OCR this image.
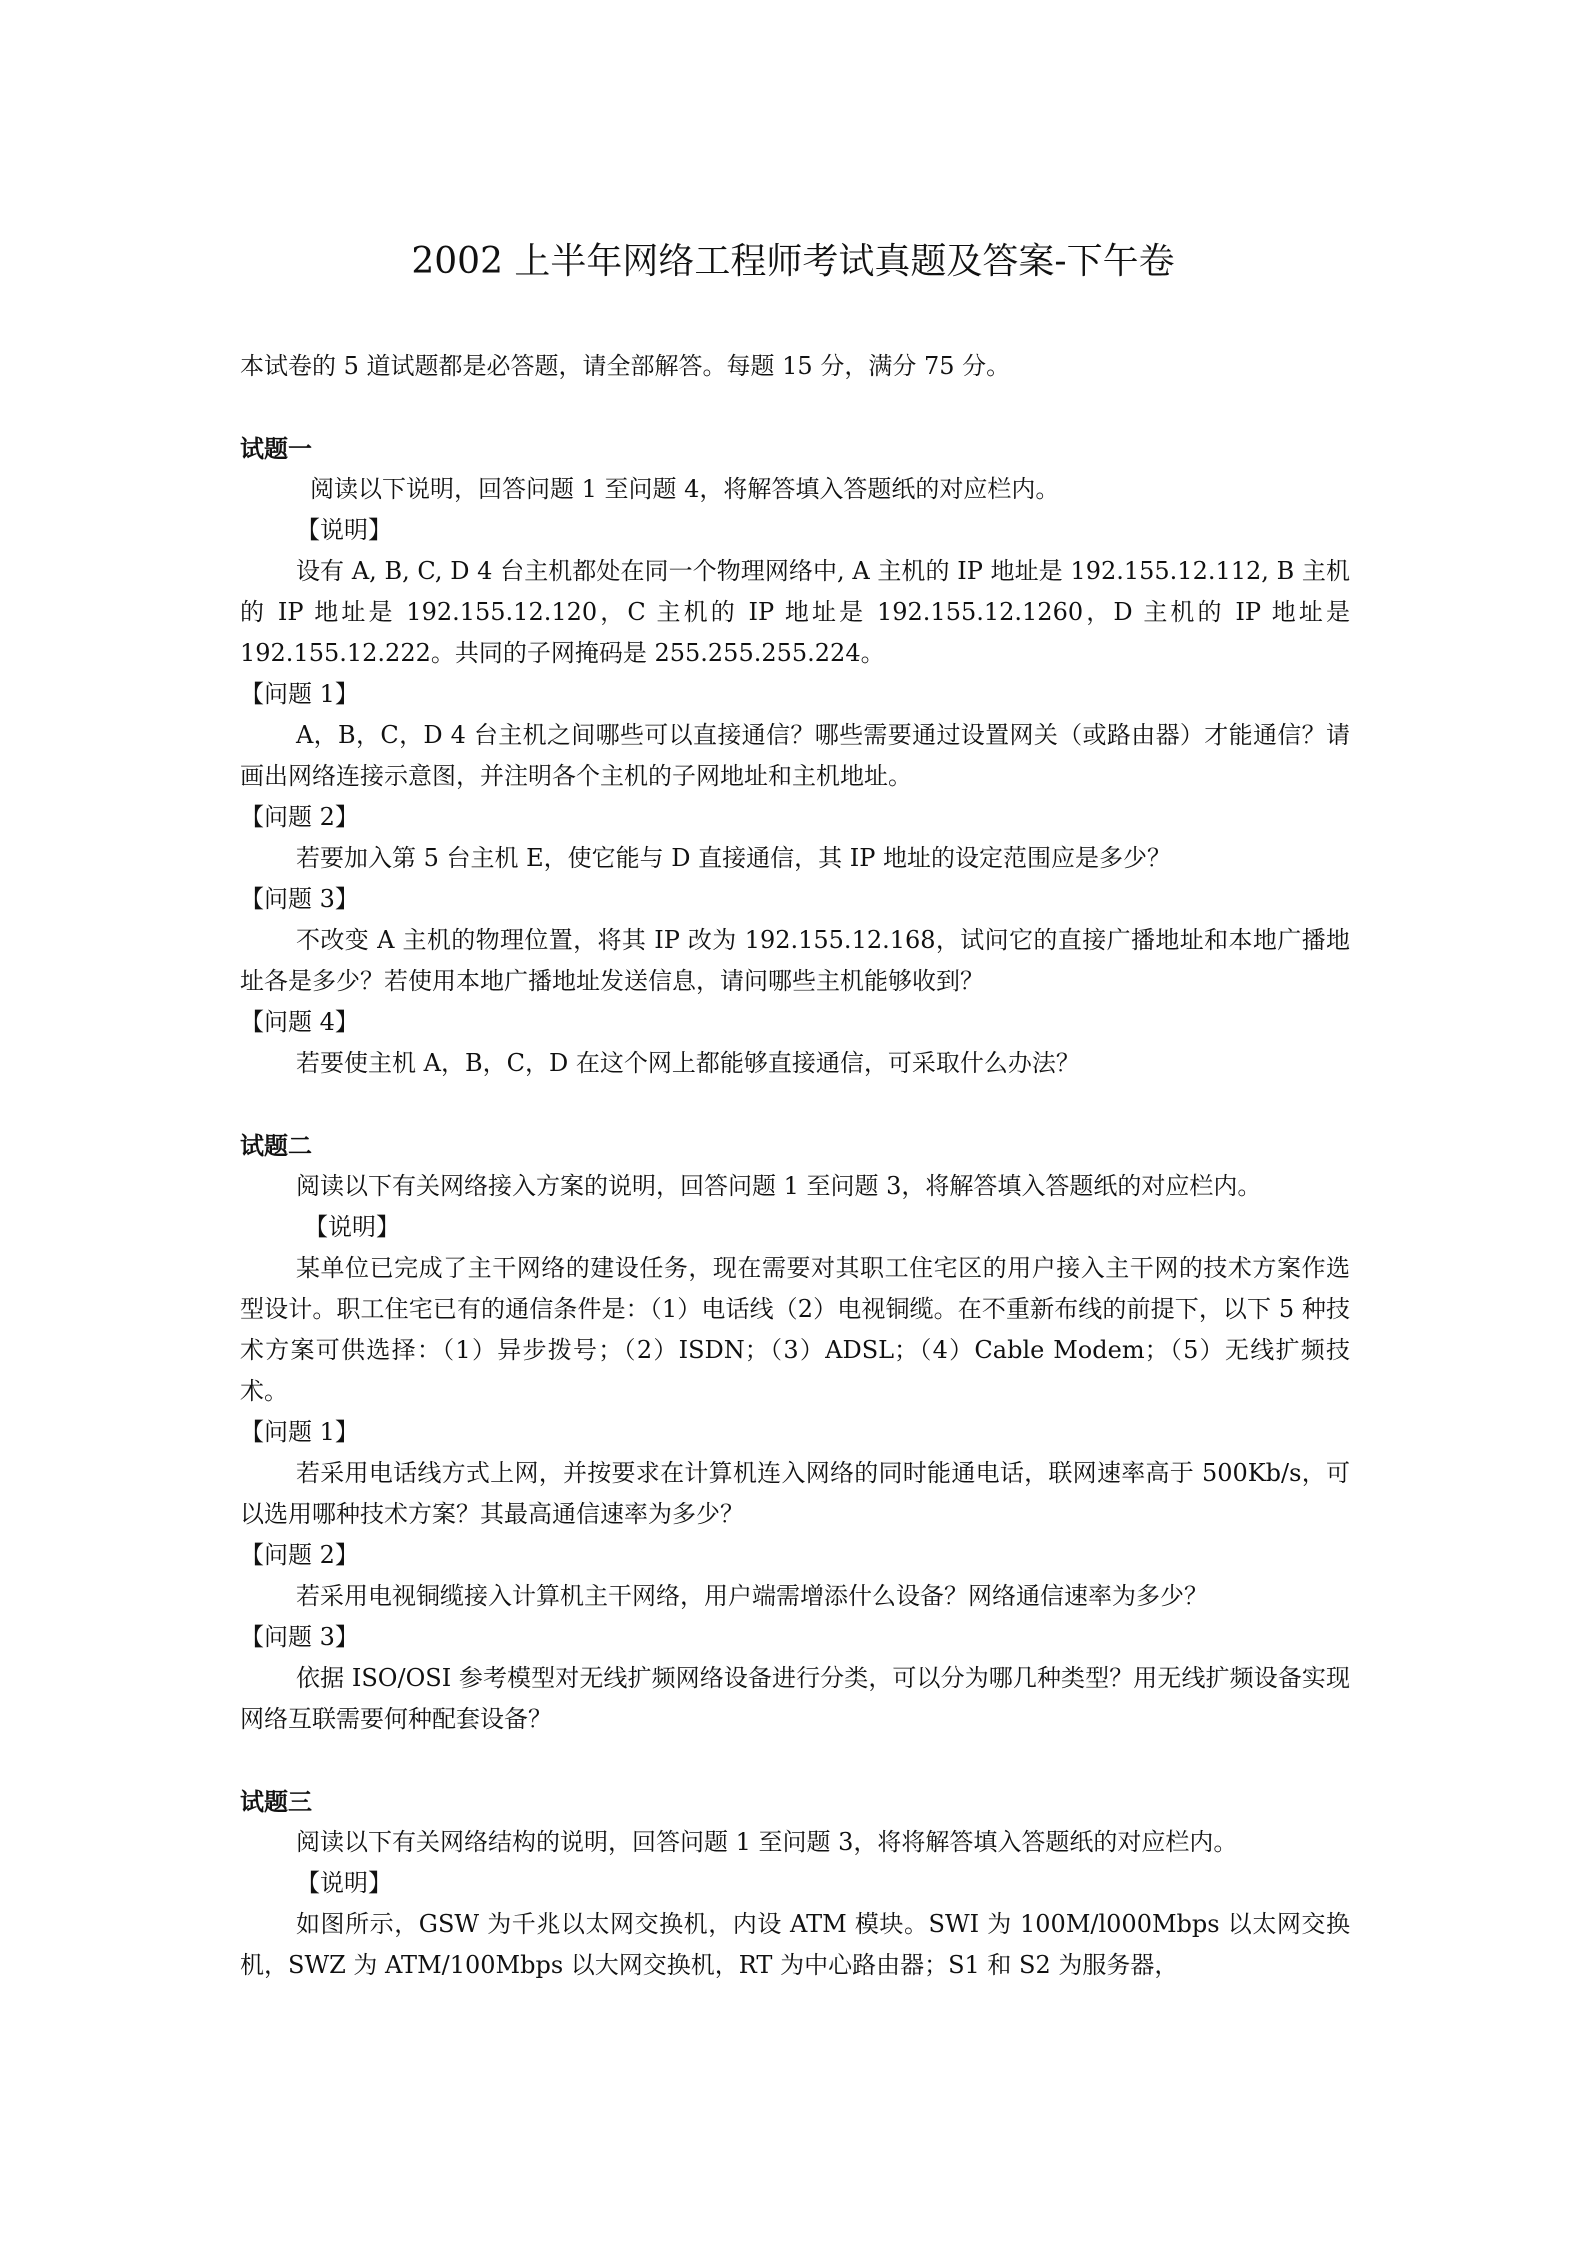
2002 上半年网络工程师考试真题及答案-下午卷

本试卷的 5 道试题都是必答题，请全部解答。每题 15 分，满分 75 分。

试题一

阅读以下说明，回答问题 1 至问题 4，将解答填入答题纸的对应栏内。

【说明】

设有 A, B, C, D 4 台主机都处在同一个物理网络中, A 主机的 IP 地址是 192.155.12.112, B 主机的 IP 地址是 192.155.12.120，C 主机的 IP 地址是 192.155.12.1260，D 主机的 IP 地址是 192.155.12.222。共同的子网掩码是 255.255.255.224。

【问题 1】

A，B，C，D 4 台主机之间哪些可以直接通信？哪些需要通过设置网关（或路由器）才能通信？请画出网络连接示意图，并注明各个主机的子网地址和主机地址。

【问题 2】

若要加入第 5 台主机 E，使它能与 D 直接通信，其 IP 地址的设定范围应是多少？

【问题 3】

不改变 A 主机的物理位置，将其 IP 改为 192.155.12.168，试问它的直接广播地址和本地广播地址各是多少？若使用本地广播地址发送信息，请问哪些主机能够收到？

【问题 4】

若要使主机 A，B，C，D 在这个网上都能够直接通信，可采取什么办法？

试题二

阅读以下有关网络接入方案的说明，回答问题 1 至问题 3，将解答填入答题纸的对应栏内。

【说明】

某单位已完成了主干网络的建设任务，现在需要对其职工住宅区的用户接入主干网的技术方案作选型设计。职工住宅已有的通信条件是：（1）电话线（2）电视铜缆。在不重新布线的前提下，以下 5 种技术方案可供选择：（1）异步拨号；（2）ISDN；（3）ADSL；（4）Cable Modem；（5）无线扩频技术。

【问题 1】

若采用电话线方式上网，并按要求在计算机连入网络的同时能通电话，联网速率高于 500Kb/s，可以选用哪种技术方案？其最高通信速率为多少？

【问题 2】

若采用电视铜缆接入计算机主干网络，用户端需增添什么设备？网络通信速率为多少？

【问题 3】

依据 ISO/OSI 参考模型对无线扩频网络设备进行分类，可以分为哪几种类型？用无线扩频设备实现网络互联需要何种配套设备？

试题三

阅读以下有关网络结构的说明，回答问题 1 至问题 3，将将解答填入答题纸的对应栏内。

【说明】

如图所示，GSW 为千兆以太网交换机，内设 ATM 模块。SWI 为 100M/l000Mbps 以太网交换机，SWZ 为 ATM/100Mbps 以大网交换机，RT 为中心路由器；S1 和 S2 为服务器，
